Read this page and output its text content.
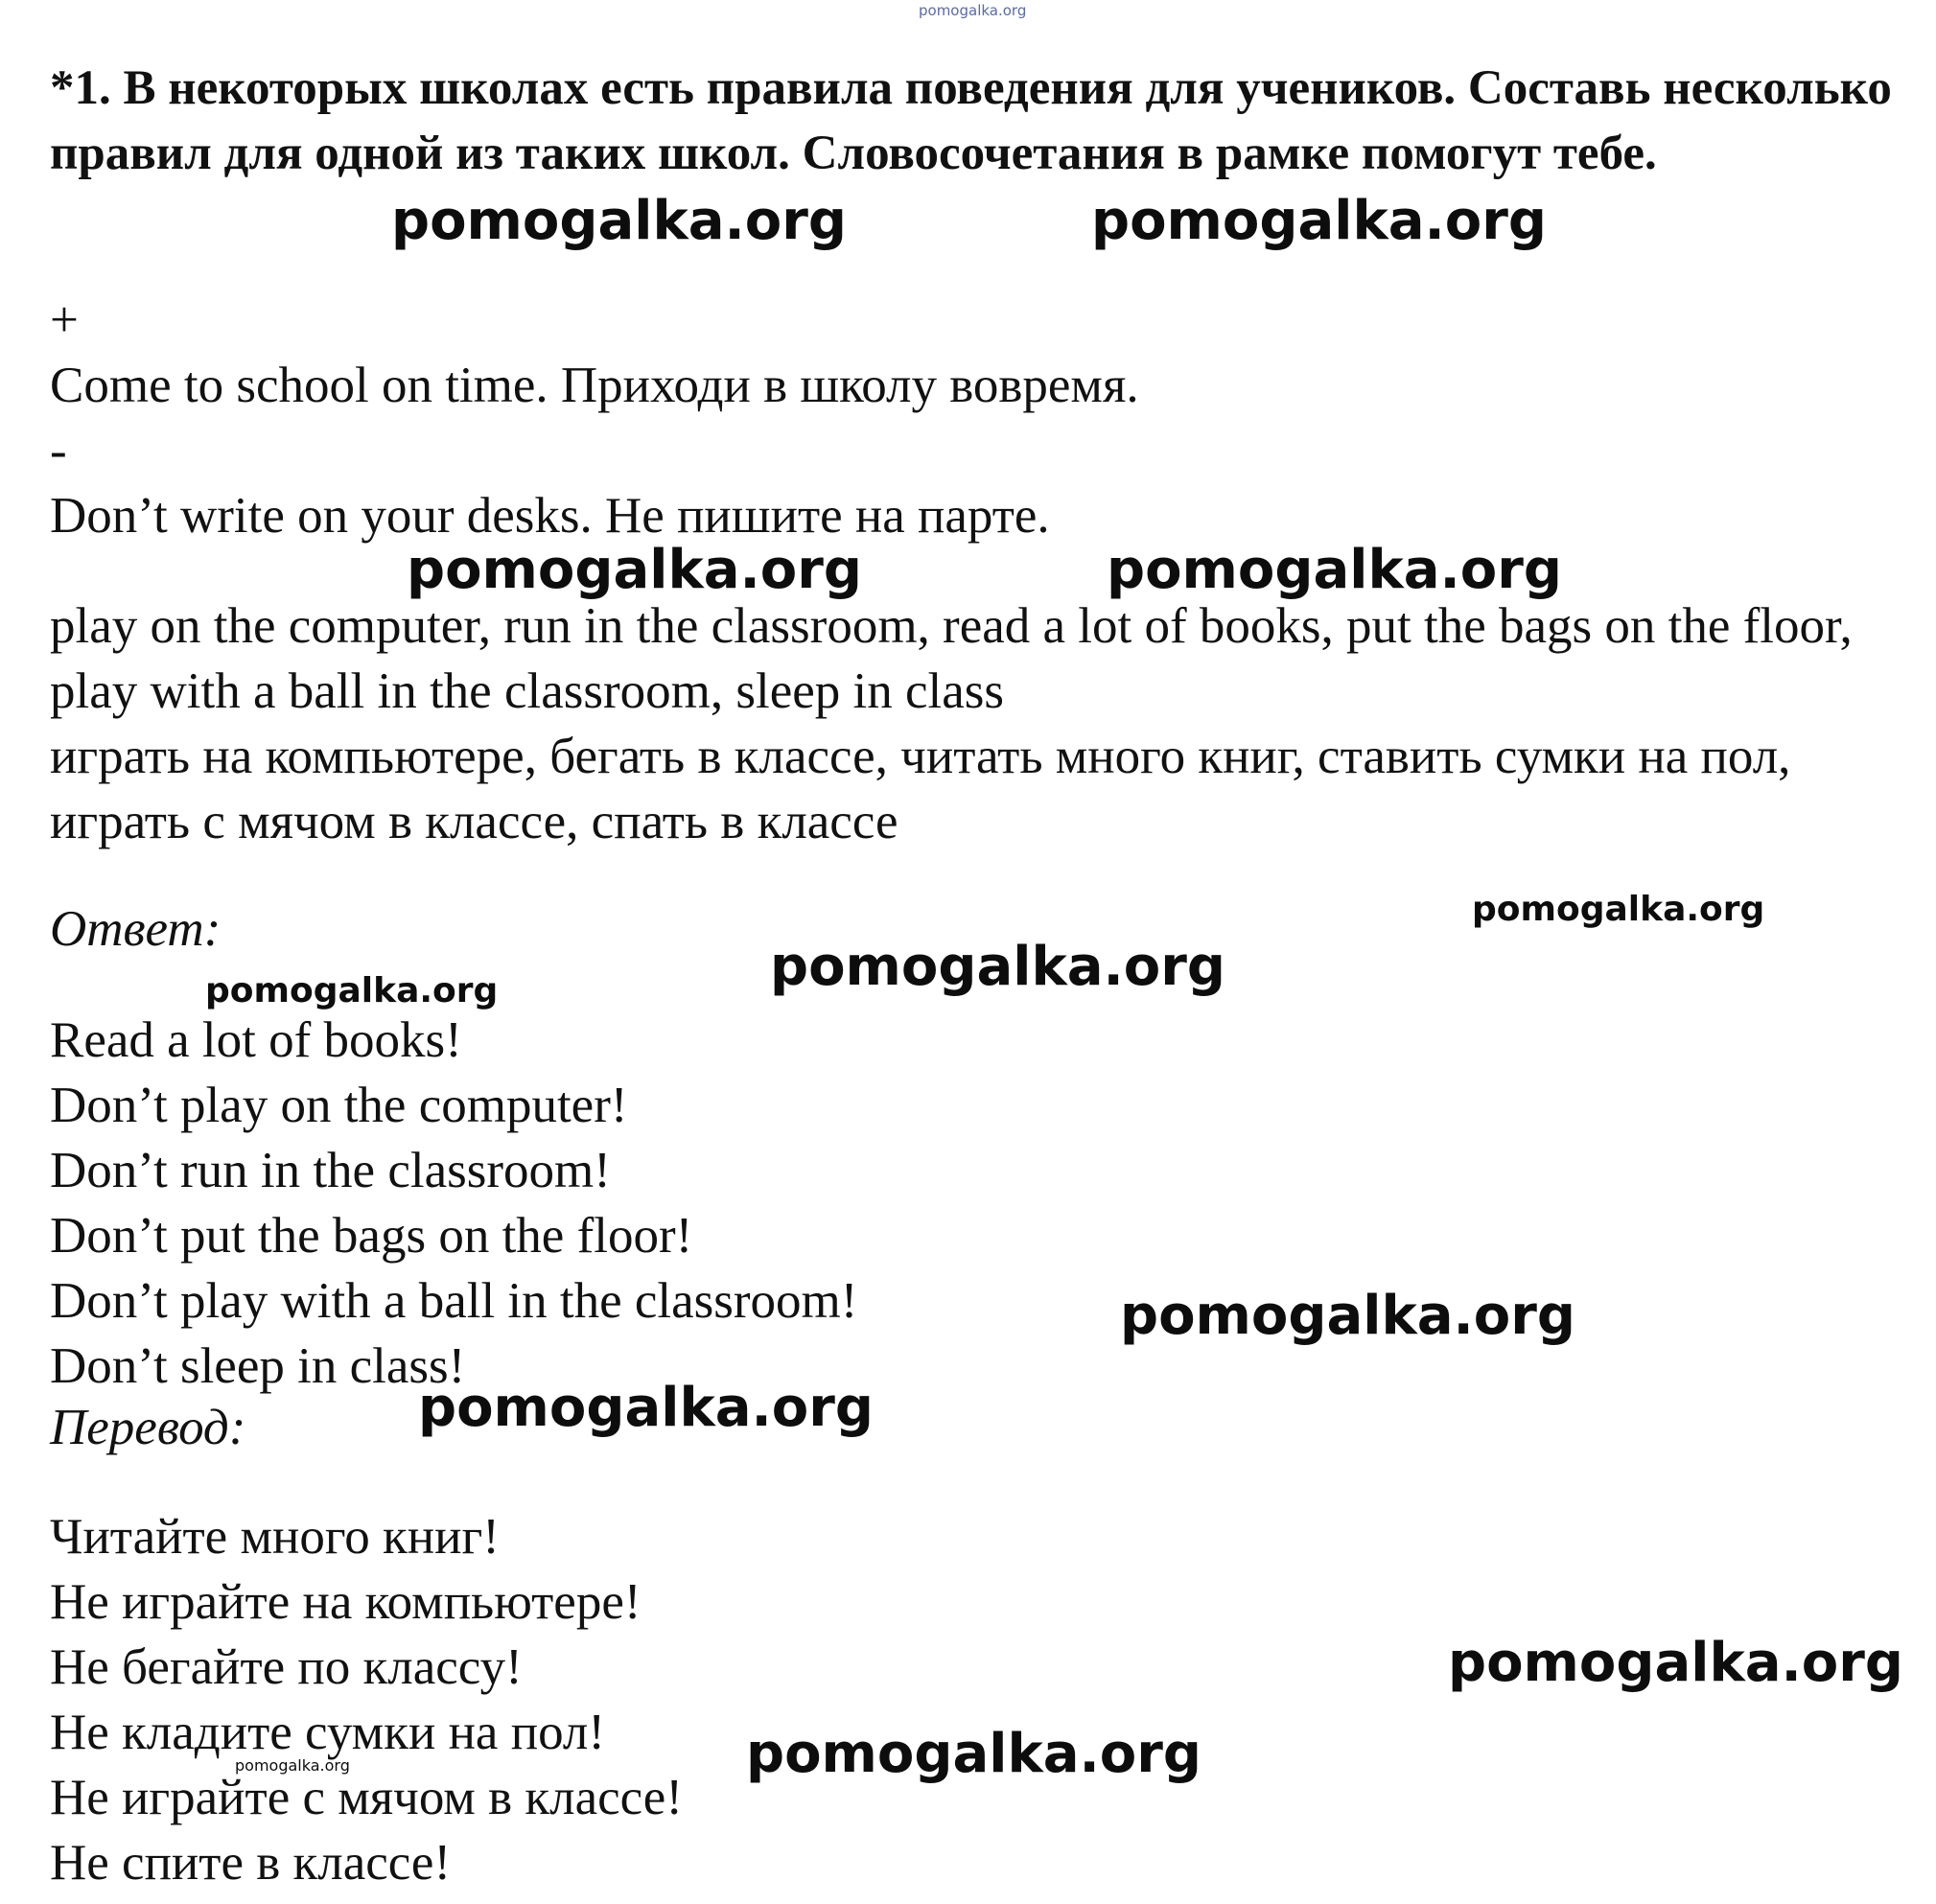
pomogalka.org
*1. В некоторых школах есть правила поведения для учеников. Составь несколько правил для одной из таких школ. Словосочетания в рамке помогут тебе.
+
Come to school on time. Приходи в школу вовремя.
-
Don’t write on your desks. Не пишите на парте.
play on the computer, run in the classroom, read a lot of books, put the bags on the floor, play with a ball in the classroom, sleep in class
играть на компьютере, бегать в классе, читать много книг, ставить сумки на пол, играть с мячом в классе, спать в классе
Ответ:
Read a lot of books!
Don’t play on the computer!
Don’t run in the classroom!
Don’t put the bags on the floor!
Don’t play with a ball in the classroom!
Don’t sleep in class!
Перевод:
Читайте много книг!
Не играйте на компьютере!
Не бегайте по классу!
Не кладите сумки на пол!
Не играйте с мячом в классе!
Не спите в классе!
pomogalka.org	pomogalka.org
pomogalka.org	pomogalka.org
pomogalka.org
pomogalka.org
pomogalka.org
pomogalka.org
pomogalka.org
pomogalka.org
pomogalka.org
pomogalka.org
